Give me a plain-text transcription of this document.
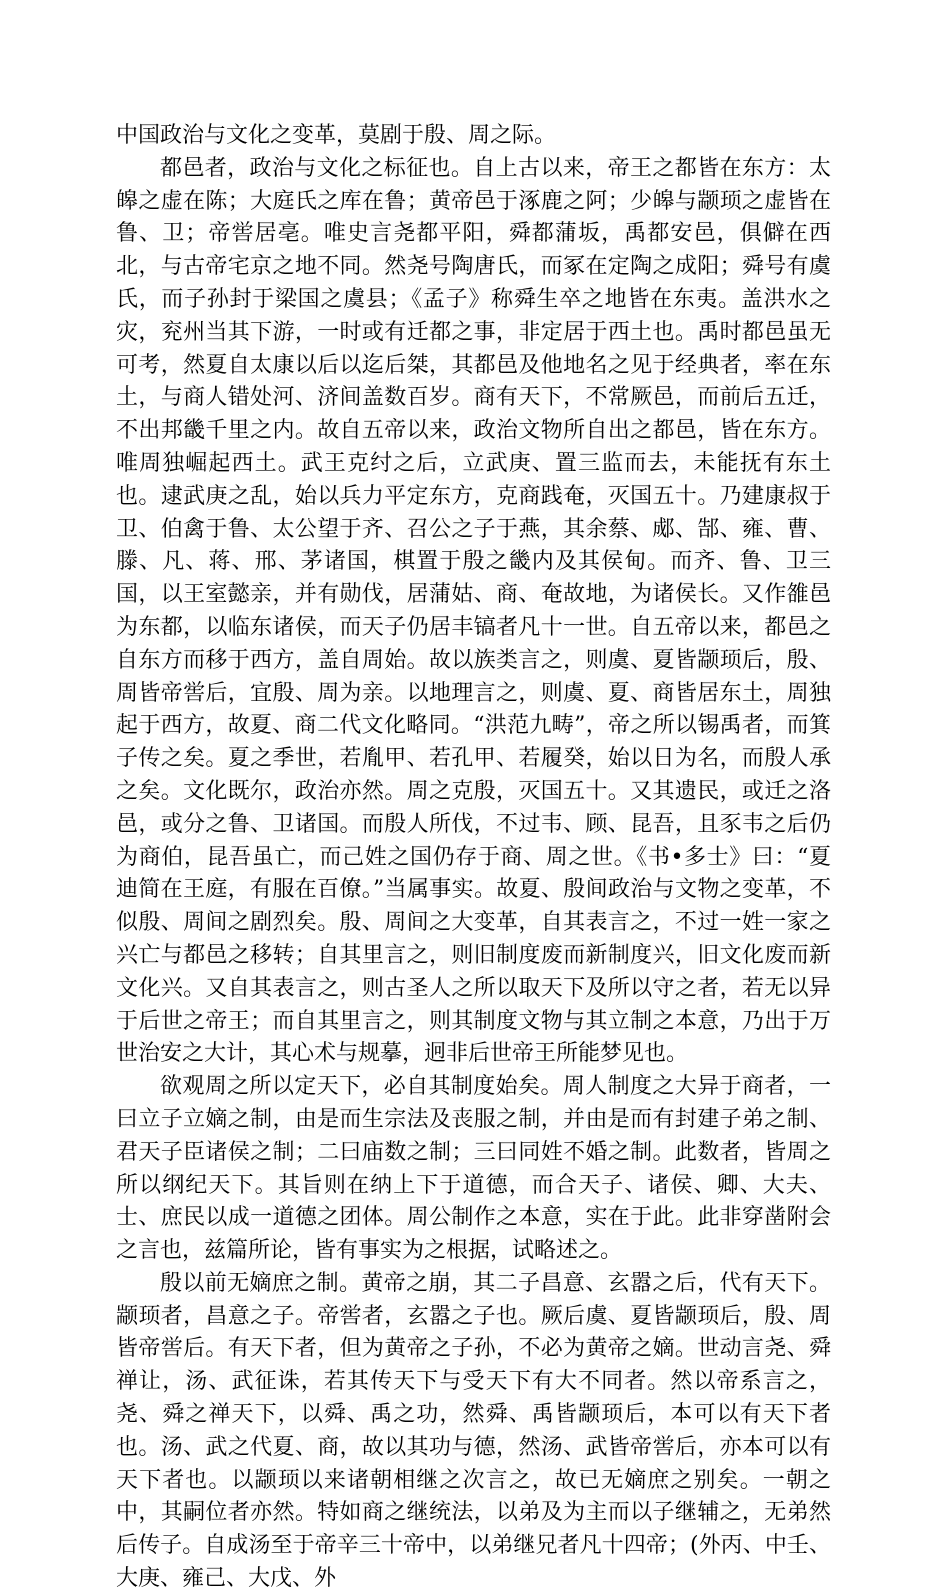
中国政治与文化之变革，莫剧于殷、周之际。

都邑者，政治与文化之标征也。自上古以来，帝王之都皆在东方：太皞之虚在陈；大庭氏之库在鲁；黄帝邑于涿鹿之阿；少皞与颛顼之虚皆在鲁、卫；帝喾居亳。唯史言尧都平阳，舜都蒲坂，禹都安邑，俱僻在西北，与古帝宅京之地不同。然尧号陶唐氏，而冢在定陶之成阳；舜号有虞氏，而子孙封于梁国之虞县；《孟子》称舜生卒之地皆在东夷。盖洪水之灾，兖州当其下游，一时或有迁都之事，非定居于西土也。禹时都邑虽无可考，然夏自太康以后以迄后桀，其都邑及他地名之见于经典者，率在东土，与商人错处河、济间盖数百岁。商有天下，不常厥邑，而前后五迁，不出邦畿千里之内。故自五帝以来，政治文物所自出之都邑，皆在东方。唯周独崛起西土。武王克纣之后，立武庚、置三监而去，未能抚有东土也。逮武庚之乱，始以兵力平定东方，克商践奄，灭国五十。乃建康叔于卫、伯禽于鲁、太公望于齐、召公之子于燕，其余蔡、郕、郜、雍、曹、滕、凡、蒋、邢、茅诸国，棋置于殷之畿内及其侯甸。而齐、鲁、卫三国，以王室懿亲，并有勋伐，居蒲姑、商、奄故地，为诸侯长。又作雒邑为东都，以临东诸侯，而天子仍居丰镐者凡十一世。自五帝以来，都邑之自东方而移于西方，盖自周始。故以族类言之，则虞、夏皆颛顼后，殷、周皆帝喾后，宜殷、周为亲。以地理言之，则虞、夏、商皆居东土，周独起于西方，故夏、商二代文化略同。“洪范九畴”，帝之所以锡禹者，而箕子传之矣。夏之季世，若胤甲、若孔甲、若履癸，始以日为名，而殷人承之矣。文化既尔，政治亦然。周之克殷，灭国五十。又其遗民，或迁之洛邑，或分之鲁、卫诸国。而殷人所伐，不过韦、顾、昆吾，且豕韦之后仍为商伯，昆吾虽亡，而己姓之国仍存于商、周之世。《书•多士》曰：“夏迪简在王庭，有服在百僚。”当属事实。故夏、殷间政治与文物之变革，不似殷、周间之剧烈矣。殷、周间之大变革，自其表言之，不过一姓一家之兴亡与都邑之移转；自其里言之，则旧制度废而新制度兴，旧文化废而新文化兴。又自其表言之，则古圣人之所以取天下及所以守之者，若无以异于后世之帝王；而自其里言之，则其制度文物与其立制之本意，乃出于万世治安之大计，其心术与规摹，迥非后世帝王所能梦见也。

欲观周之所以定天下，必自其制度始矣。周人制度之大异于商者，一曰立子立嫡之制，由是而生宗法及丧服之制，并由是而有封建子弟之制、君天子臣诸侯之制；二曰庙数之制；三曰同姓不婚之制。此数者，皆周之所以纲纪天下。其旨则在纳上下于道德，而合天子、诸侯、卿、大夫、士、庶民以成一道德之团体。周公制作之本意，实在于此。此非穿凿附会之言也，兹篇所论，皆有事实为之根据，试略述之。

殷以前无嫡庶之制。黄帝之崩，其二子昌意、玄嚣之后，代有天下。颛顼者，昌意之子。帝喾者，玄嚣之子也。厥后虞、夏皆颛顼后，殷、周皆帝喾后。有天下者，但为黄帝之子孙，不必为黄帝之嫡。世动言尧、舜禅让，汤、武征诛，若其传天下与受天下有大不同者。然以帝系言之，尧、舜之禅天下，以舜、禹之功，然舜、禹皆颛顼后，本可以有天下者也。汤、武之代夏、商，故以其功与德，然汤、武皆帝喾后，亦本可以有天下者也。以颛顼以来诸朝相继之次言之，故已无嫡庶之别矣。一朝之中，其嗣位者亦然。特如商之继统法，以弟及为主而以子继辅之，无弟然后传子。自成汤至于帝辛三十帝中，以弟继兄者凡十四帝；(外丙、中壬、大庚、雍己、大戊、外
